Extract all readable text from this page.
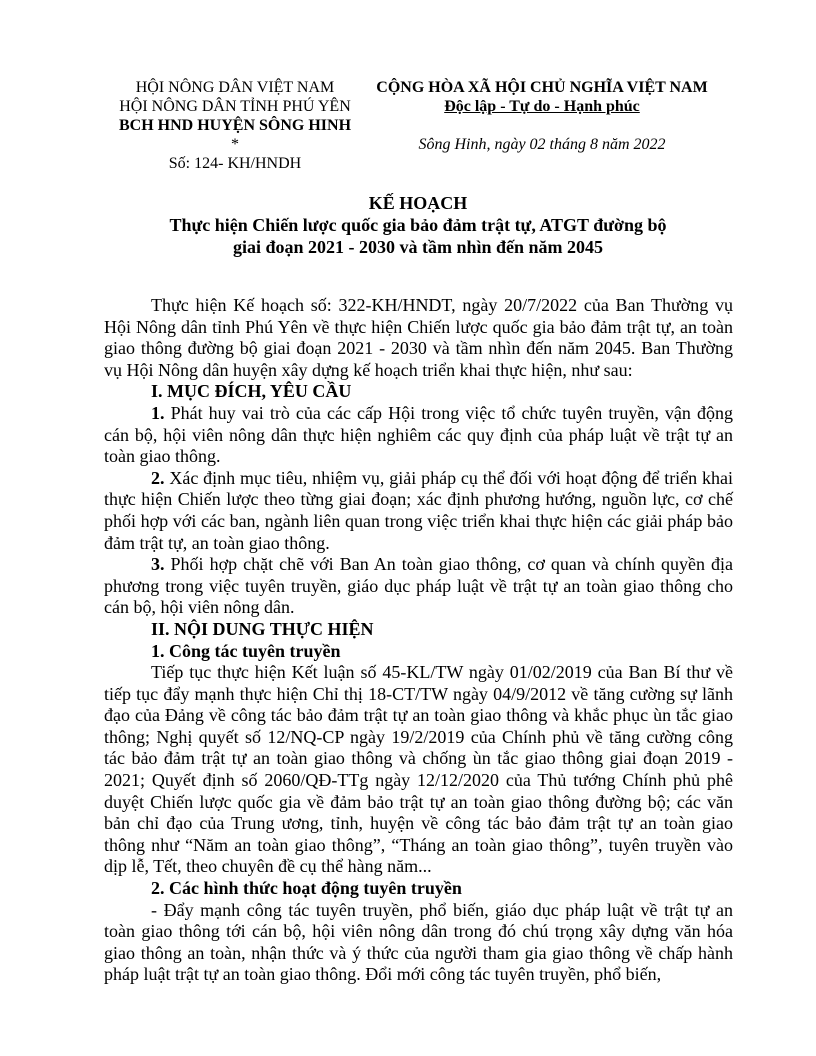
HỘI NÔNG DÂN VIỆT NAM
HỘI NÔNG DÂN TỈNH PHÚ YÊN
BCH HND HUYỆN SÔNG HINH
*
Số: 124- KH/HNDH
CỘNG HÒA XÃ HỘI CHỦ NGHĨA VIỆT NAM
Độc lập - Tự do - Hạnh phúc
Sông Hinh, ngày 02 tháng 8 năm 2022
KẾ HOẠCH
Thực hiện Chiến lược quốc gia bảo đảm trật tự, ATGT đường bộ
giai đoạn 2021 - 2030 và tầm nhìn đến năm 2045

Thực hiện Kế hoạch số: 322-KH/HNDT, ngày 20/7/2022 của Ban Thường vụ Hội Nông dân tỉnh Phú Yên về thực hiện Chiến lược quốc gia bảo đảm trật tự, an toàn giao thông đường bộ giai đoạn 2021 - 2030 và tầm nhìn đến năm 2045. Ban Thường vụ Hội Nông dân huyện xây dựng kế hoạch triển khai thực hiện, như sau:

I. MỤC ĐÍCH, YÊU CẦU

1. Phát huy vai trò của các cấp Hội trong việc tổ chức tuyên truyền, vận động cán bộ, hội viên nông dân thực hiện nghiêm các quy định của pháp luật về trật tự an toàn giao thông.

2. Xác định mục tiêu, nhiệm vụ, giải pháp cụ thể đối với hoạt động để triển khai thực hiện Chiến lược theo từng giai đoạn; xác định phương hướng, nguồn lực, cơ chế phối hợp với các ban, ngành liên quan trong việc triển khai thực hiện các giải pháp bảo đảm trật tự, an toàn giao thông.

3. Phối hợp chặt chẽ với Ban An toàn giao thông, cơ quan và chính quyền địa phương trong việc tuyên truyền, giáo dục pháp luật về trật tự an toàn giao thông cho cán bộ, hội viên nông dân.

II. NỘI DUNG THỰC HIỆN

1. Công tác tuyên truyền

Tiếp tục thực hiện Kết luận số 45-KL/TW ngày 01/02/2019 của Ban Bí thư về tiếp tục đẩy mạnh thực hiện Chỉ thị 18-CT/TW ngày 04/9/2012 về tăng cường sự lãnh đạo của Đảng về công tác bảo đảm trật tự an toàn giao thông và khắc phục ùn tắc giao thông; Nghị quyết số 12/NQ-CP ngày 19/2/2019 của Chính phủ về tăng cường công tác bảo đảm trật tự an toàn giao thông và chống ùn tắc giao thông giai đoạn 2019 - 2021; Quyết định số 2060/QĐ-TTg ngày 12/12/2020 của Thủ tướng Chính phủ phê duyệt Chiến lược quốc gia về đảm bảo trật tự an toàn giao thông đường bộ; các văn bản chỉ đạo của Trung ương, tỉnh, huyện về công tác bảo đảm trật tự an toàn giao thông như “Năm an toàn giao thông”, “Tháng an toàn giao thông”, tuyên truyền vào dịp lễ, Tết, theo chuyên đề cụ thể hàng năm...

2. Các hình thức hoạt động tuyên truyền

- Đẩy mạnh công tác tuyên truyền, phổ biến, giáo dục pháp luật về trật tự an toàn giao thông tới cán bộ, hội viên nông dân trong đó chú trọng xây dựng văn hóa giao thông an toàn, nhận thức và ý thức của người tham gia giao thông về chấp hành pháp luật trật tự an toàn giao thông. Đổi mới công tác tuyên truyền, phổ biến,
